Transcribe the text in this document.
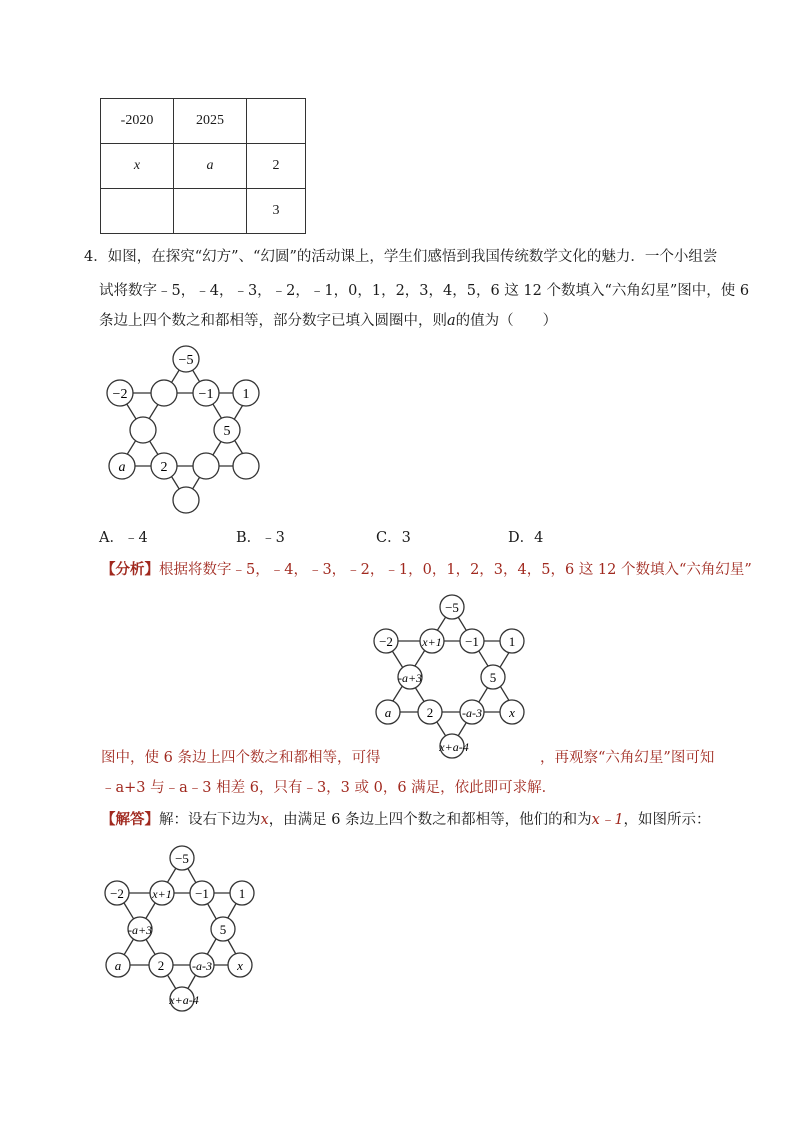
-2020	2025	
x	a	2
		3
4．如图，在探究“幻方”、“幻圆”的活动课上，学生们感悟到我国传统数学文化的魅力．一个小组尝
试将数字﹣5，﹣4，﹣3，﹣2，﹣1，0，1，2，3，4，5，6 这 12 个数填入“六角幻星”图中，使 6
条边上四个数之和都相等，部分数字已填入圆圈中，则a的值为（　　）
−5
−2	−1 1
5
a	2
A．﹣4	B．﹣3	C．3	D．4
【分析】根据将数字﹣5，﹣4，﹣3，﹣2，﹣1，0，1，2，3，4，5，6 这 12 个数填入“六角幻星”
−5
−2 x+1 −1 1
-a+3	5
a	2 -a-3 x
x+a-4
图中，使 6 条边上四个数之和都相等，可得	，再观察“六角幻星”图可知
﹣a+3 与﹣a﹣3 相差 6，只有﹣3，3 或 0，6 满足，依此即可求解．
【解答】解：设右下边为x，由满足 6 条边上四个数之和都相等，他们的和为x﹣1，如图所示：
−5
−2 x+1 −1 1
-a+3	5
a	2 -a-3 x
x+a-4
